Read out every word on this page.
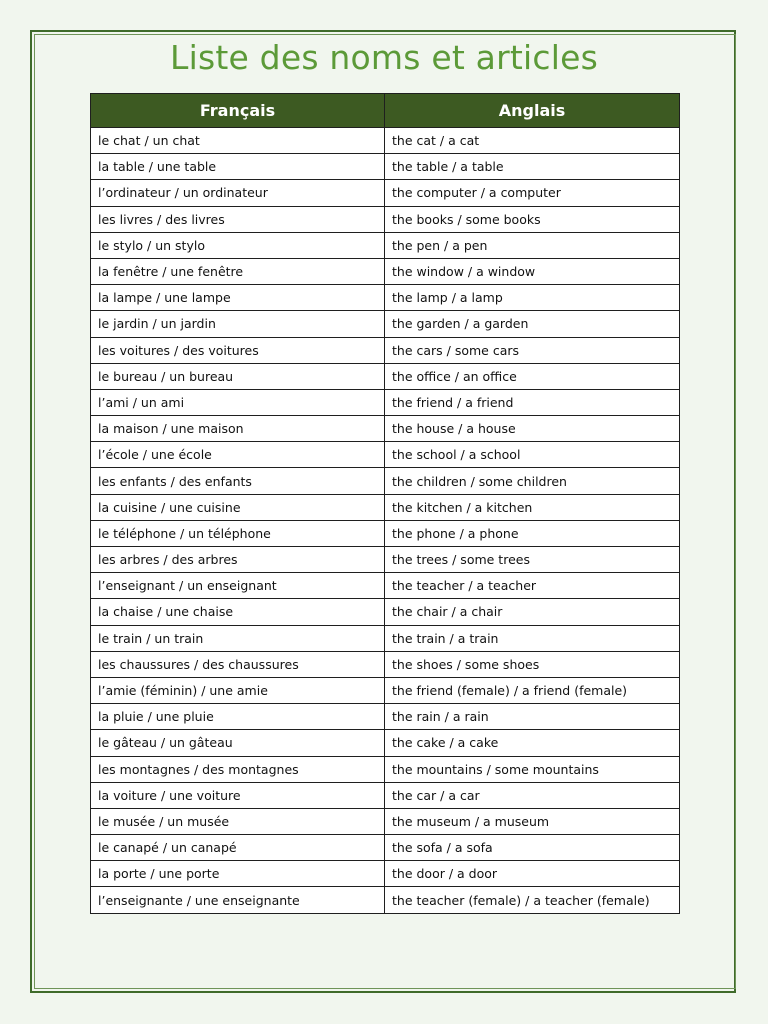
Liste des noms et articles
Français	Anglais
le chat / un chat	the cat / a cat
la table / une table	the table / a table
l’ordinateur / un ordinateur	the computer / a computer
les livres / des livres	the books / some books
le stylo / un stylo	the pen / a pen
la fenêtre / une fenêtre	the window / a window
la lampe / une lampe	the lamp / a lamp
le jardin / un jardin	the garden / a garden
les voitures / des voitures	the cars / some cars
le bureau / un bureau	the office / an office
l’ami / un ami	the friend / a friend
la maison / une maison	the house / a house
l’école / une école	the school / a school
les enfants / des enfants	the children / some children
la cuisine / une cuisine	the kitchen / a kitchen
le téléphone / un téléphone	the phone / a phone
les arbres / des arbres	the trees / some trees
l’enseignant / un enseignant	the teacher / a teacher
la chaise / une chaise	the chair / a chair
le train / un train	the train / a train
les chaussures / des chaussures	the shoes / some shoes
l’amie (féminin) / une amie	the friend (female) / a friend (female)
la pluie / une pluie	the rain / a rain
le gâteau / un gâteau	the cake / a cake
les montagnes / des montagnes	the mountains / some mountains
la voiture / une voiture	the car / a car
le musée / un musée	the museum / a museum
le canapé / un canapé	the sofa / a sofa
la porte / une porte	the door / a door
l’enseignante / une enseignante	the teacher (female) / a teacher (female)
